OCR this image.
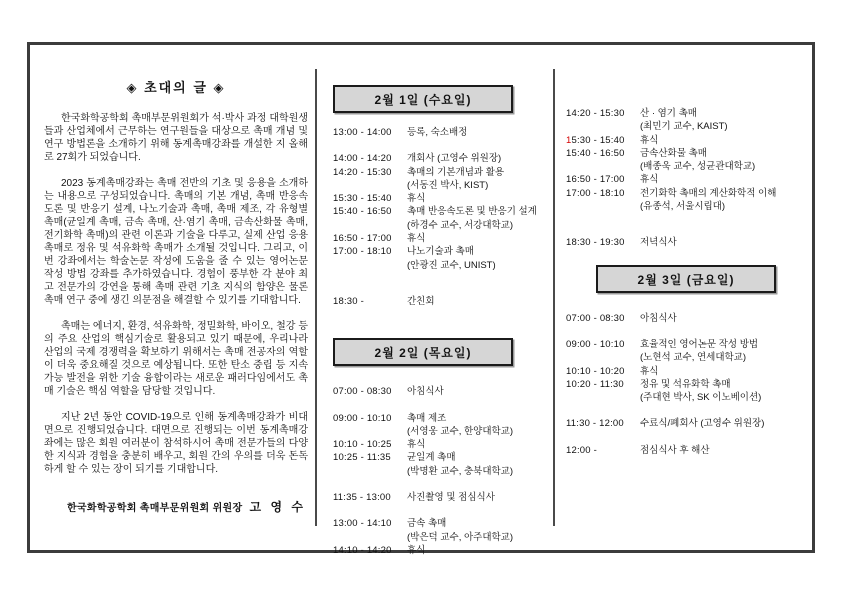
◈ 초대의 글 ◈

한국화학공학회 촉매부문위원회가 석·박사 과정 대학원생들과 산업체에서 근무하는 연구원들을 대상으로 촉매 개념 및 연구 방법론을 소개하기 위해 동계촉매강좌를 개설한 지 올해로 27회가 되었습니다.

2023 동계촉매강좌는 촉매 전반의 기초 및 응용을 소개하는 내용으로 구성되었습니다. 촉매의 기본 개념, 촉매 반응속도론 및 반응기 설계, 나노기술과 촉매, 촉매 제조, 각 유형별 촉매(균일계 촉매, 금속 촉매, 산·염기 촉매, 금속산화물 촉매, 전기화학 촉매)의 관련 이론과 기술을 다루고, 실제 산업 응용 촉매로 정유 및 석유화학 촉매가 소개될 것입니다. 그리고, 이번 강좌에서는 학술논문 작성에 도움을 줄 수 있는 영어논문 작성 방법 강좌를 추가하였습니다. 경험이 풍부한 각 분야 최고 전문가의 강연을 통해 촉매 관련 기초 지식의 함양은 물론 촉매 연구 중에 생긴 의문점을 해결할 수 있기를 기대합니다.

촉매는 에너지, 환경, 석유화학, 정밀화학, 바이오, 철강 등의 주요 산업의 핵심기술로 활용되고 있기 때문에, 우리나라 산업의 국제 경쟁력을 확보하기 위해서는 촉매 전공자의 역할이 더욱 중요해질 것으로 예상됩니다. 또한 탄소 중립 등 지속 가능 발전을 위한 기술 융합이라는 새로운 패러다임에서도 촉매 기술은 핵심 역할을 담당할 것입니다.

지난 2년 동안 COVID-19으로 인해 동계촉매강좌가 비대면으로 진행되었습니다. 대면으로 진행되는 이번 동계촉매강좌에는 많은 회원 여러분이 참석하시어 촉매 전문가들의 다양한 지식과 경험을 충분히 배우고, 회원 간의 우의를 더욱 돈독하게 할 수 있는 장이 되기를 기대합니다.

한국화학공학회 촉매부문위원회 위원장 고 영 수
2월 1일 (수요일)
13:00 - 14:00	등록, 숙소배정
14:00 - 14:20	개회사 (고영수 위원장)
14:20 - 15:30	촉매의 기본개념과 활용
(서동진 박사, KIST)
15:30 - 15:40	휴식
15:40 - 16:50	촉매 반응속도론 및 반응기 설계
(하경수 교수, 서강대학교)
16:50 - 17:00	휴식
17:00 - 18:10	나노기술과 촉매
(안광진 교수, UNIST)
18:30 -	간친회
2월 2일 (목요일)
07:00 - 08:30	아침식사
09:00 - 10:10	촉매 제조
(서영웅 교수, 한양대학교)
10:10 - 10:25	휴식
10:25 - 11:35	균일계 촉매
(박명환 교수, 충북대학교)
11:35 - 13:00	사진촬영 및 점심식사
13:00 - 14:10	금속 촉매
(박은덕 교수, 아주대학교)
14:10 - 14:20	휴식
14:20 - 15:30	산 · 염기 촉매
(최민기 교수, KAIST)
15:30 - 15:40	휴식
15:40 - 16:50	금속산화물 촉매
(배종욱 교수, 성균관대학교)
16:50 - 17:00	휴식
17:00 - 18:10	전기화학 촉매의 계산화학적 이해
(유종석, 서울시립대)
18:30 - 19:30	저녁식사
2월 3일 (금요일)
07:00 - 08:30	아침식사
09:00 - 10:10	효율적인 영어논문 작성 방법
(노현석 교수, 연세대학교)
10:10 - 10:20	휴식
10:20 - 11:30	정유 및 석유화학 촉매
(주대현 박사, SK 이노베이션)
11:30 - 12:00	수료식/폐회사 (고영수 위원장)
12:00 -	점심식사 후 해산
